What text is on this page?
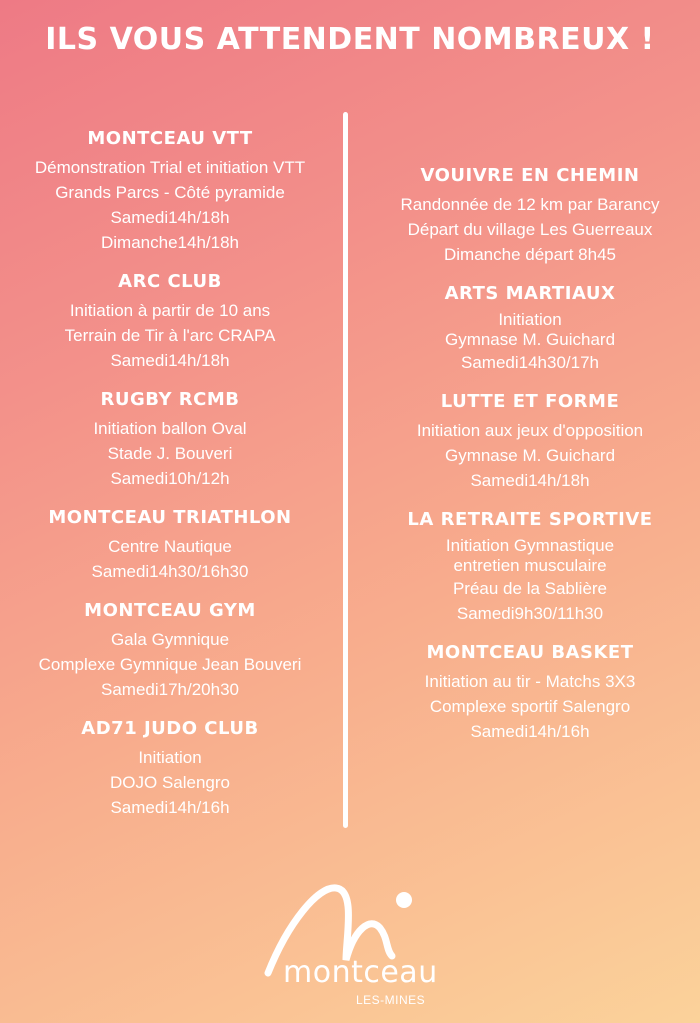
ILS VOUS ATTENDENT NOMBREUX !
MONTCEAU VTT

Démonstration Trial et initiation VTT

Grands Parcs - Côté pyramide

Samedi14h/18h

Dimanche14h/18h

ARC CLUB

Initiation à partir de 10 ans

Terrain de Tir à l'arc CRAPA

Samedi14h/18h

RUGBY RCMB

Initiation ballon Oval

Stade J. Bouveri

Samedi10h/12h

MONTCEAU TRIATHLON

Centre Nautique

Samedi14h30/16h30

MONTCEAU GYM

Gala Gymnique

Complexe Gymnique Jean Bouveri

Samedi17h/20h30

AD71 JUDO CLUB

Initiation

DOJO Salengro

Samedi14h/16h

VOUIVRE EN CHEMIN

Randonnée de 12 km par Barancy

Départ du village Les Guerreaux

Dimanche départ 8h45

ARTS MARTIAUX

Initiation

Gymnase M. Guichard

Samedi14h30/17h

LUTTE ET FORME

Initiation aux jeux d'opposition

Gymnase M. Guichard

Samedi14h/18h

LA RETRAITE SPORTIVE

Initiation Gymnastique

entretien musculaire

Préau de la Sablière

Samedi9h30/11h30

MONTCEAU BASKET

Initiation au tir - Matchs 3X3

Complexe sportif Salengro

Samedi14h/16h

montceau
LES-MINES
